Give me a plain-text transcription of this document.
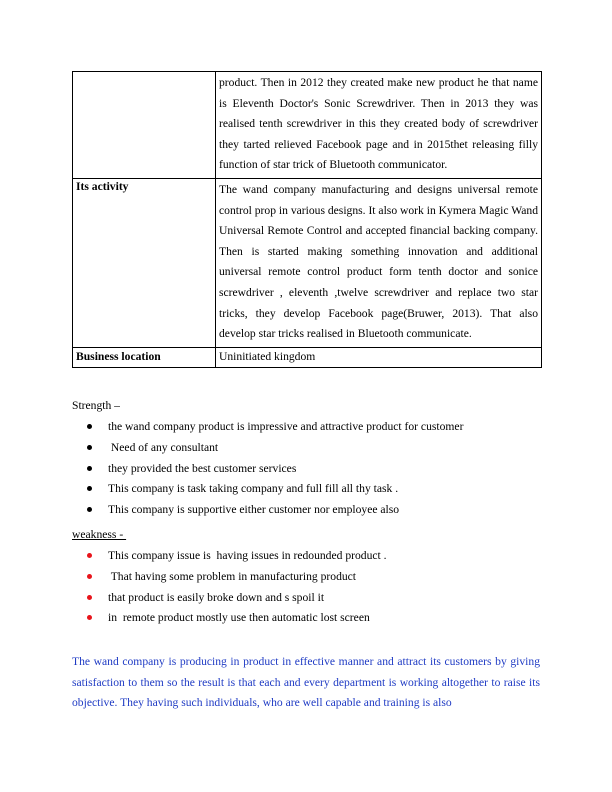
	product. Then in 2012 they created make new product he that name is Eleventh Doctor's Sonic Screwdriver. Then in 2013 they was realised tenth screwdriver in this they created body of screwdriver they tarted relieved Facebook page and in 2015thet releasing filly function of star trick of Bluetooth communicator.
Its activity	The wand company manufacturing and designs universal remote control prop in various designs. It also work in Kymera Magic Wand Universal Remote Control and accepted financial backing company. Then is started making something innovation and additional universal remote control product form tenth doctor and sonice screwdriver , eleventh ,twelve screwdriver and replace two star tricks, they develop Facebook page(Bruwer, 2013). That also develop star tricks realised in Bluetooth communicate.
Business location	Uninitiated kingdom
Strength –
the wand company product is impressive and attractive product for customer
Need of any consultant
they provided the best customer services
This company is task taking company and full fill all thy task .
This company is supportive either customer nor employee also
weakness -
This company issue is  having issues in redounded product .
That having some problem in manufacturing product
that product is easily broke down and s spoil it
in  remote product mostly use then automatic lost screen

The wand company is producing in product in effective manner and attract its customers by giving satisfaction to them so the result is that each and every department is working altogether to raise its objective. They having such individuals, who are well capable and training is also
